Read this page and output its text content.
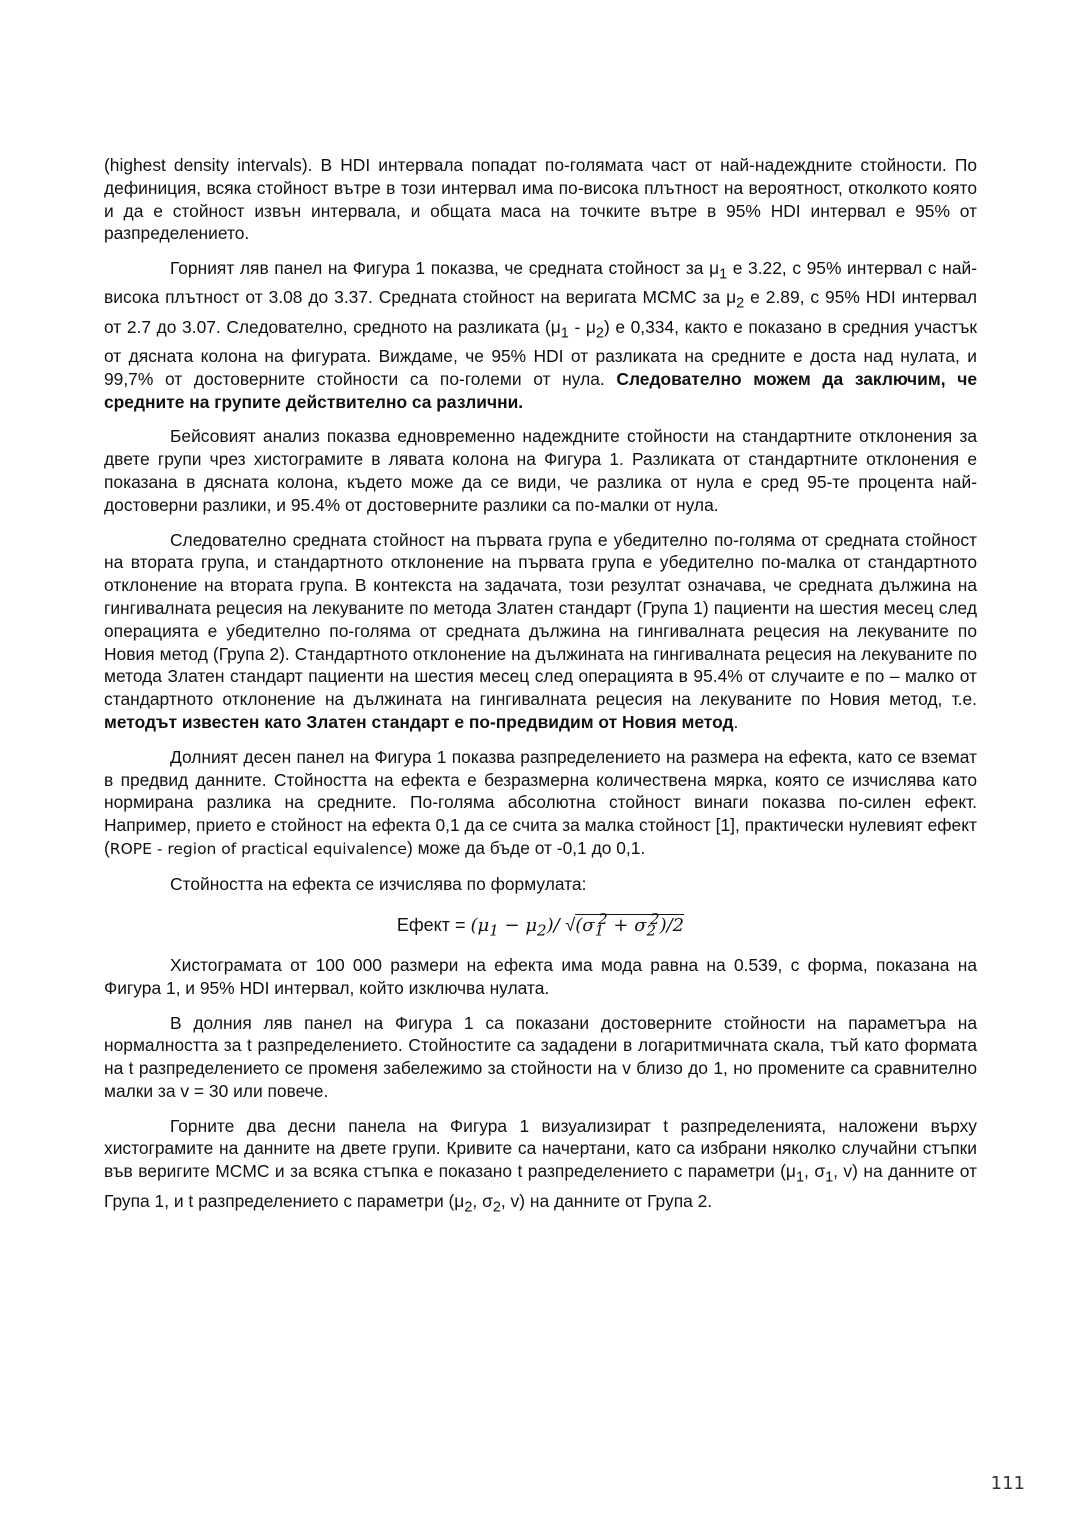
(highest density intervals). В HDI интервала попадат по-голямата част от най-надеждните стойности. По дефиниция, всяка стойност вътре в този интервал има по-висока плътност на вероятност, отколкото която и да е стойност извън интервала, и общата маса на точките вътре в 95% HDI интервал е 95% от разпределението.

Горният ляв панел на Фигура 1 показва, че средната стойност за $\mu_1$ е 3.22, с 95% интервал с най-висока плътност от 3.08 до 3.37. Средната стойност на веригата MCMC за $\mu_2$ е 2.89, с 95% HDI интервал от 2.7 до 3.07. Следователно, средното на разликата $(\mu_1 - \mu_2)$ е 0,334, както е показано в средния участък от дясната колона на фигурата. Виждаме, че 95% HDI от разликата на средните е доста над нулата, и 99,7% от достоверните стойности са по-големи от нула. Следователно можем да заключим, че средните на групите действително са различни.

Бейсовият анализ показва едновременно надеждните стойности на стандартните отклонения за двете групи чрез хистограмите в лявата колона на Фигура 1. Разликата от стандартните отклонения е показана в дясната колона, където може да се види, че разлика от нула е сред 95-те процента най-достоверни разлики, и 95.4% от достоверните разлики са по-малки от нула.

Следователно средната стойност на първата група е убедително по-голяма от средната стойност на втората група, и стандартното отклонение на първата група е убедително по-малка от стандартното отклонение на втората група. В контекста на задачата, този резултат означава, че средната дължина на гингивалната рецесия на лекуваните по метода Златен стандарт (Група 1) пациенти на шестия месец след операцията е убедително по-голяма от средната дължина на гингивалната рецесия на лекуваните по Новия метод (Група 2). Стандартното отклонение на дължината на гингивалната рецесия на лекуваните по метода Златен стандарт пациенти на шестия месец след операцията в 95.4% от случаите е по – малко от стандартното отклонение на дължината на гингивалната рецесия на лекуваните по Новия метод, т.е. методът известен като Златен стандарт е по-предвидим от Новия метод.

Долният десен панел на Фигура 1 показва разпределението на размера на ефекта, като се вземат в предвид данните. Стойността на ефекта е безразмерна количествена мярка, която се изчислява като нормирана разлика на средните. По-голяма абсолютна стойност винаги показва по-силен ефект. Например, прието е стойност на ефекта 0,1 да се счита за малка стойност [1], практически нулевият ефект (ROPE - region of practical equivalence) може да бъде от -0,1 до 0,1.

Стойността на ефекта се изчислява по формулата:

Ефект = $(\mu_1 - \mu_2)/$ $√(\sigma_1^2 + \sigma_2^2)/2$

Хистограмата от 100 000 размери на ефекта има мода равна на 0.539, с форма, показана на Фигура 1, и 95% HDI интервал, който изключва нулата.

В долния ляв панел на Фигура 1 са показани достоверните стойности на параметъра на нормалността за t разпределението. Стойностите са зададени в логаритмичната скала, тъй като формата на t разпределението се променя забележимо за стойности на v близо до 1, но промените са сравнително малки за v = 30 или повече.

Горните два десни панела на Фигура 1 визуализират t разпределенията, наложени върху хистограмите на данните на двете групи. Кривите са начертани, като са избрани няколко случайни стъпки във веригите MCMC и за всяка стъпка е показано t разпределението с параметри ($\mu_1$, $\sigma_1$, v) на данните от Група 1, и t разпределението с параметри ($\mu_2$, $\sigma_2$, v) на данните от Група 2.

111
